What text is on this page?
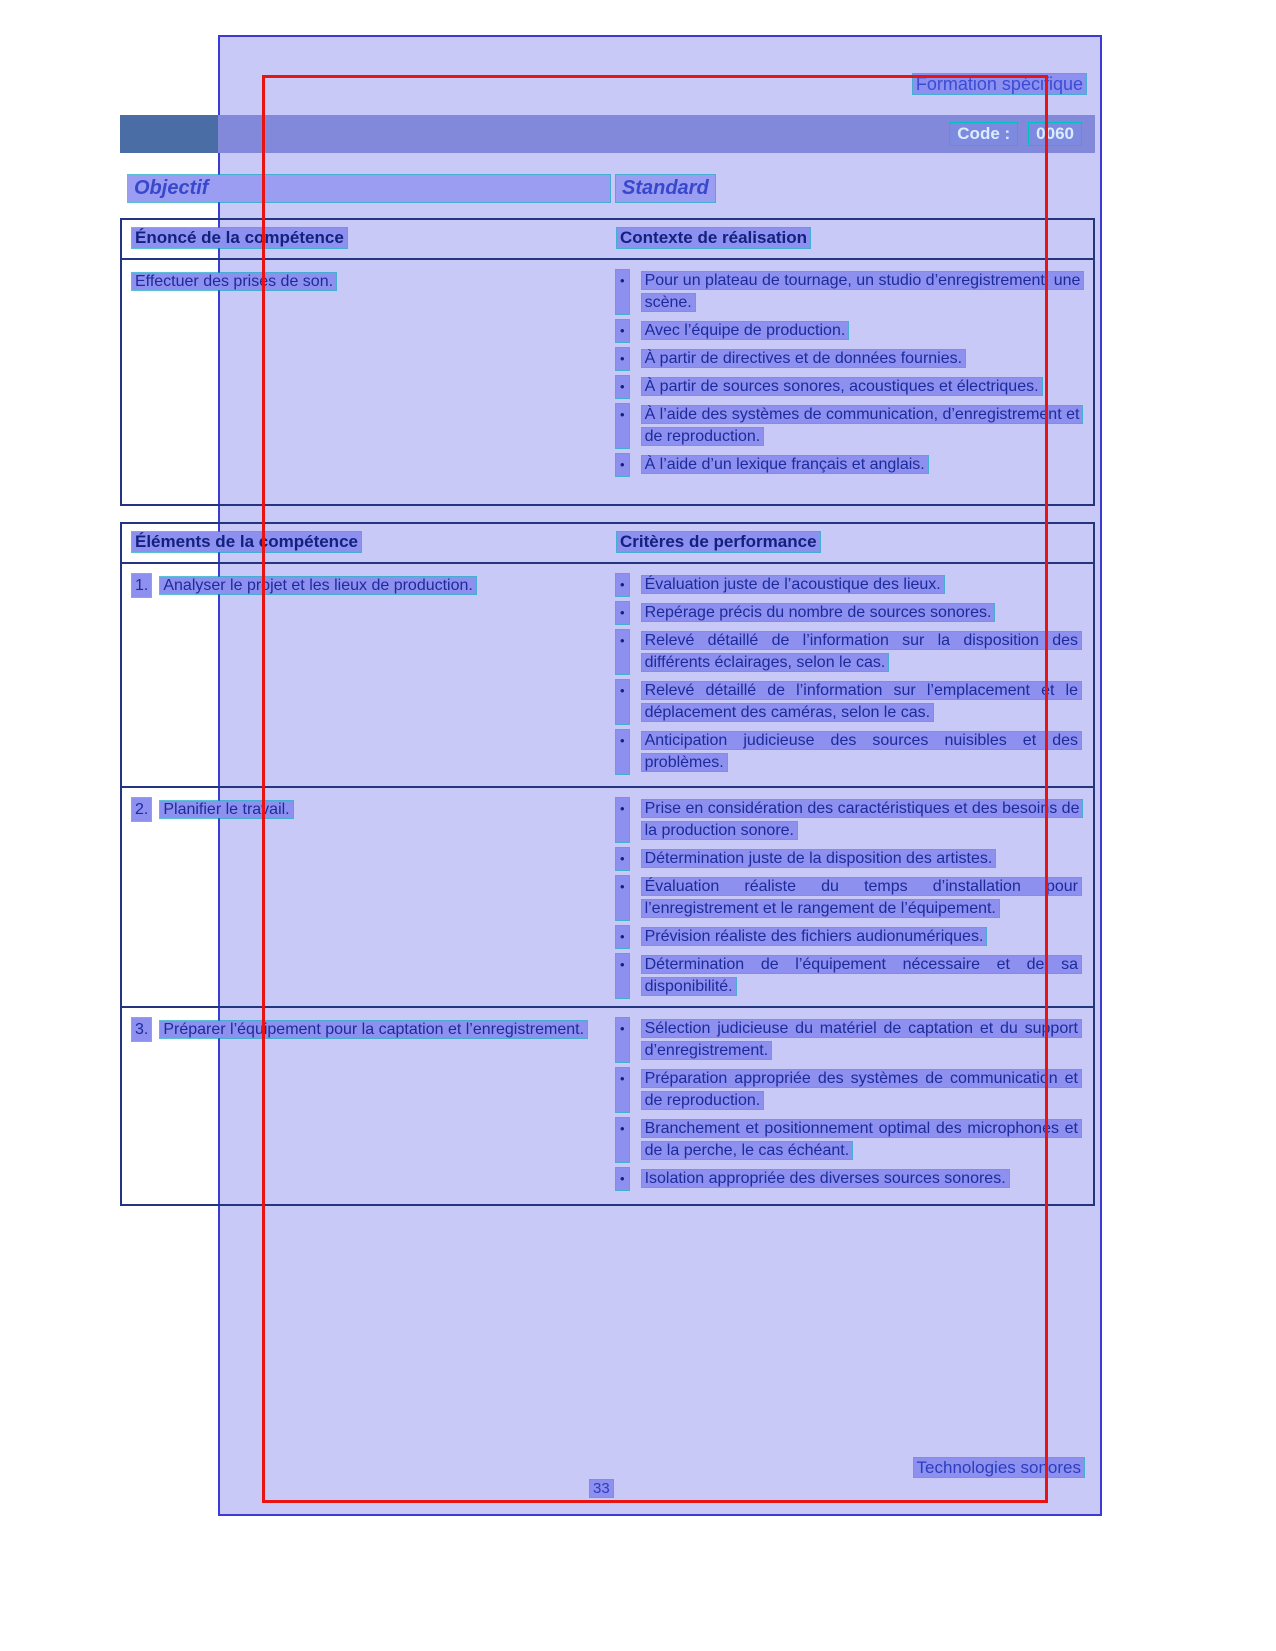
Formation spécifique
Code :	0060
Objectif	Standard
Énoncé de la compétence	Contexte de réalisation
Effectuer des prises de son.	• Pour un plateau de tournage, un studio d’enregistrement, une scène.
• Avec l’équipe de production.
• À partir de directives et de données fournies.
• À partir de sources sonores, acoustiques et électriques.
• À l’aide des systèmes de communication, d’enregistrement et de reproduction.
• À l’aide d’un lexique français et anglais.
Éléments de la compétence	Critères de performance
1. Analyser le projet et les lieux de production.	• Évaluation juste de l’acoustique des lieux.
• Repérage précis du nombre de sources sonores.
• Relevé détaillé de l’information sur la disposition des différents éclairages, selon le cas.
• Relevé détaillé de l’information sur l’emplacement et le déplacement des caméras, selon le cas.
• Anticipation judicieuse des sources nuisibles et des problèmes.
2. Planifier le travail.	• Prise en considération des caractéristiques et des besoins de la production sonore.
• Détermination juste de la disposition des artistes.
• Évaluation réaliste du temps d’installation pour l’enregistrement et le rangement de l’équipement.
• Prévision réaliste des fichiers audionumériques.
• Détermination de l’équipement nécessaire et de sa disponibilité.
3. Préparer l’équipement pour la captation et l’enregistrement.	• Sélection judicieuse du matériel de captation et du support d’enregistrement.
• Préparation appropriée des systèmes de communication et de reproduction.
• Branchement et positionnement optimal des microphones et de la perche, le cas échéant.
• Isolation appropriée des diverses sources sonores.
Technologies sonores
33
